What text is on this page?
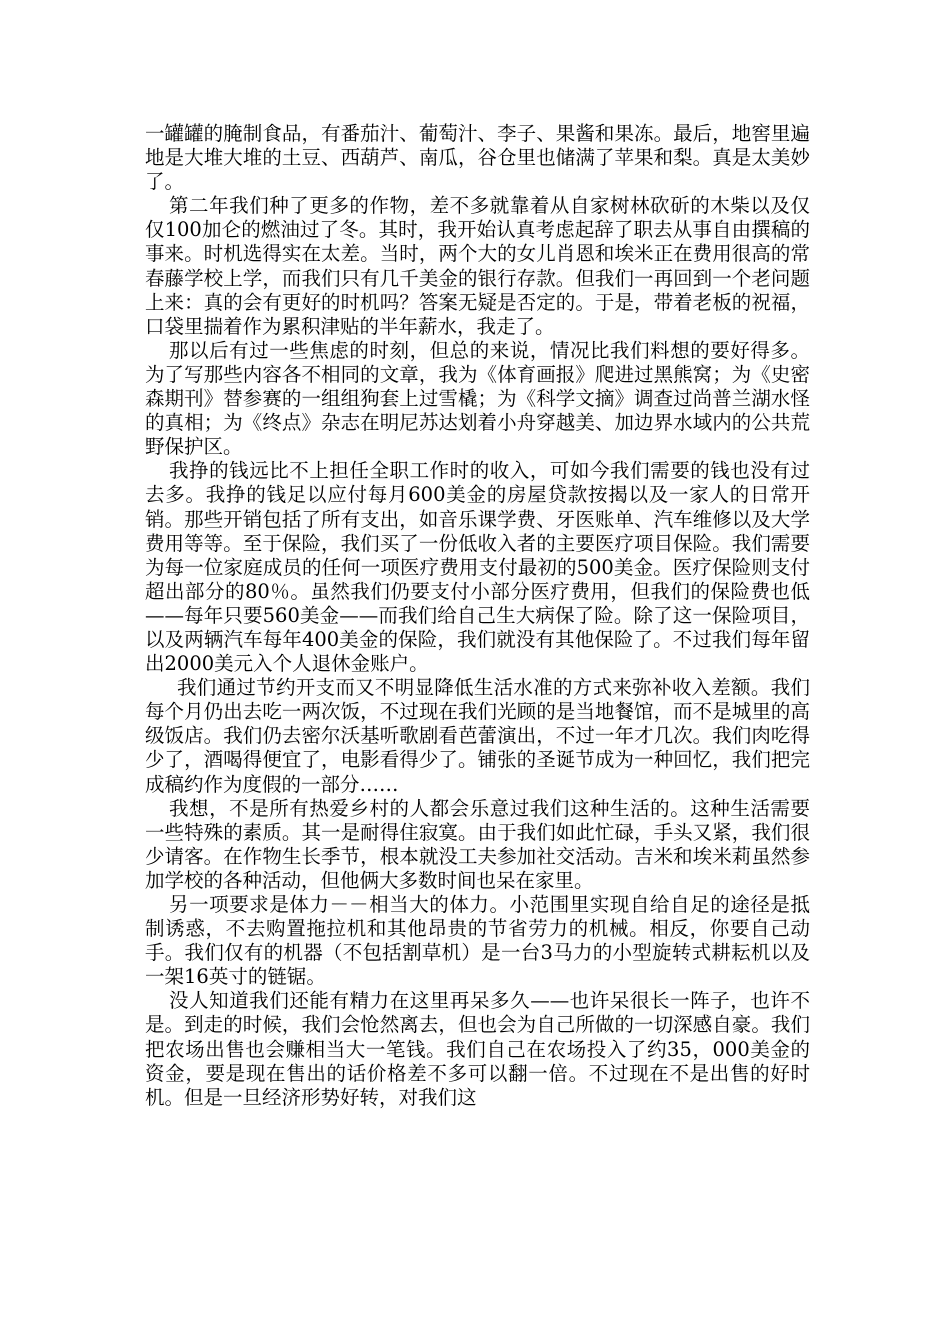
一罐罐的腌制食品，有番茄汁、葡萄汁、李子、果酱和果冻。最后，地窖里遍地是大堆大堆的土豆、西葫芦、南瓜，谷仓里也储满了苹果和梨。真是太美妙了。

第二年我们种了更多的作物，差不多就靠着从自家树林砍斫的木柴以及仅仅100加仑的燃油过了冬。其时，我开始认真考虑起辞了职去从事自由撰稿的事来。时机选得实在太差。当时，两个大的女儿肖恩和埃米正在费用很高的常春藤学校上学，而我们只有几千美金的银行存款。但我们一再回到一个老问题上来：真的会有更好的时机吗？答案无疑是否定的。于是，带着老板的祝福，口袋里揣着作为累积津贴的半年薪水，我走了。

那以后有过一些焦虑的时刻，但总的来说，情况比我们料想的要好得多。为了写那些内容各不相同的文章，我为《体育画报》爬进过黑熊窝；为《史密森期刊》替参赛的一组组狗套上过雪橇；为《科学文摘》调查过尚普兰湖水怪的真相；为《终点》杂志在明尼苏达划着小舟穿越美、加边界水域内的公共荒野保护区。

我挣的钱远比不上担任全职工作时的收入，可如今我们需要的钱也没有过去多。我挣的钱足以应付每月600美金的房屋贷款按揭以及一家人的日常开销。那些开销包括了所有支出，如音乐课学费、牙医账单、汽车维修以及大学费用等等。至于保险，我们买了一份低收入者的主要医疗项目保险。我们需要为每一位家庭成员的任何一项医疗费用支付最初的500美金。医疗保险则支付超出部分的80％。虽然我们仍要支付小部分医疗费用，但我们的保险费也低——每年只要560美金——而我们给自己生大病保了险。除了这一保险项目，以及两辆汽车每年400美金的保险，我们就没有其他保险了。不过我们每年留出2000美元入个人退休金账户。

我们通过节约开支而又不明显降低生活水准的方式来弥补收入差额。我们每个月仍出去吃一两次饭，不过现在我们光顾的是当地餐馆，而不是城里的高级饭店。我们仍去密尔沃基听歌剧看芭蕾演出，不过一年才几次。我们肉吃得少了，酒喝得便宜了，电影看得少了。铺张的圣诞节成为一种回忆，我们把完成稿约作为度假的一部分……

我想，不是所有热爱乡村的人都会乐意过我们这种生活的。这种生活需要一些特殊的素质。其一是耐得住寂寞。由于我们如此忙碌，手头又紧，我们很少请客。在作物生长季节，根本就没工夫参加社交活动。吉米和埃米莉虽然参加学校的各种活动，但他俩大多数时间也呆在家里。

另一项要求是体力－－相当大的体力。小范围里实现自给自足的途径是抵制诱惑，不去购置拖拉机和其他昂贵的节省劳力的机械。相反，你要自己动手。我们仅有的机器（不包括割草机）是一台3马力的小型旋转式耕耘机以及一架16英寸的链锯。

没人知道我们还能有精力在这里再呆多久——也许呆很长一阵子，也许不是。到走的时候，我们会怆然离去，但也会为自己所做的一切深感自豪。我们把农场出售也会赚相当大一笔钱。我们自己在农场投入了约35，000美金的资金，要是现在售出的话价格差不多可以翻一倍。不过现在不是出售的好时机。但是一旦经济形势好转，对我们这
